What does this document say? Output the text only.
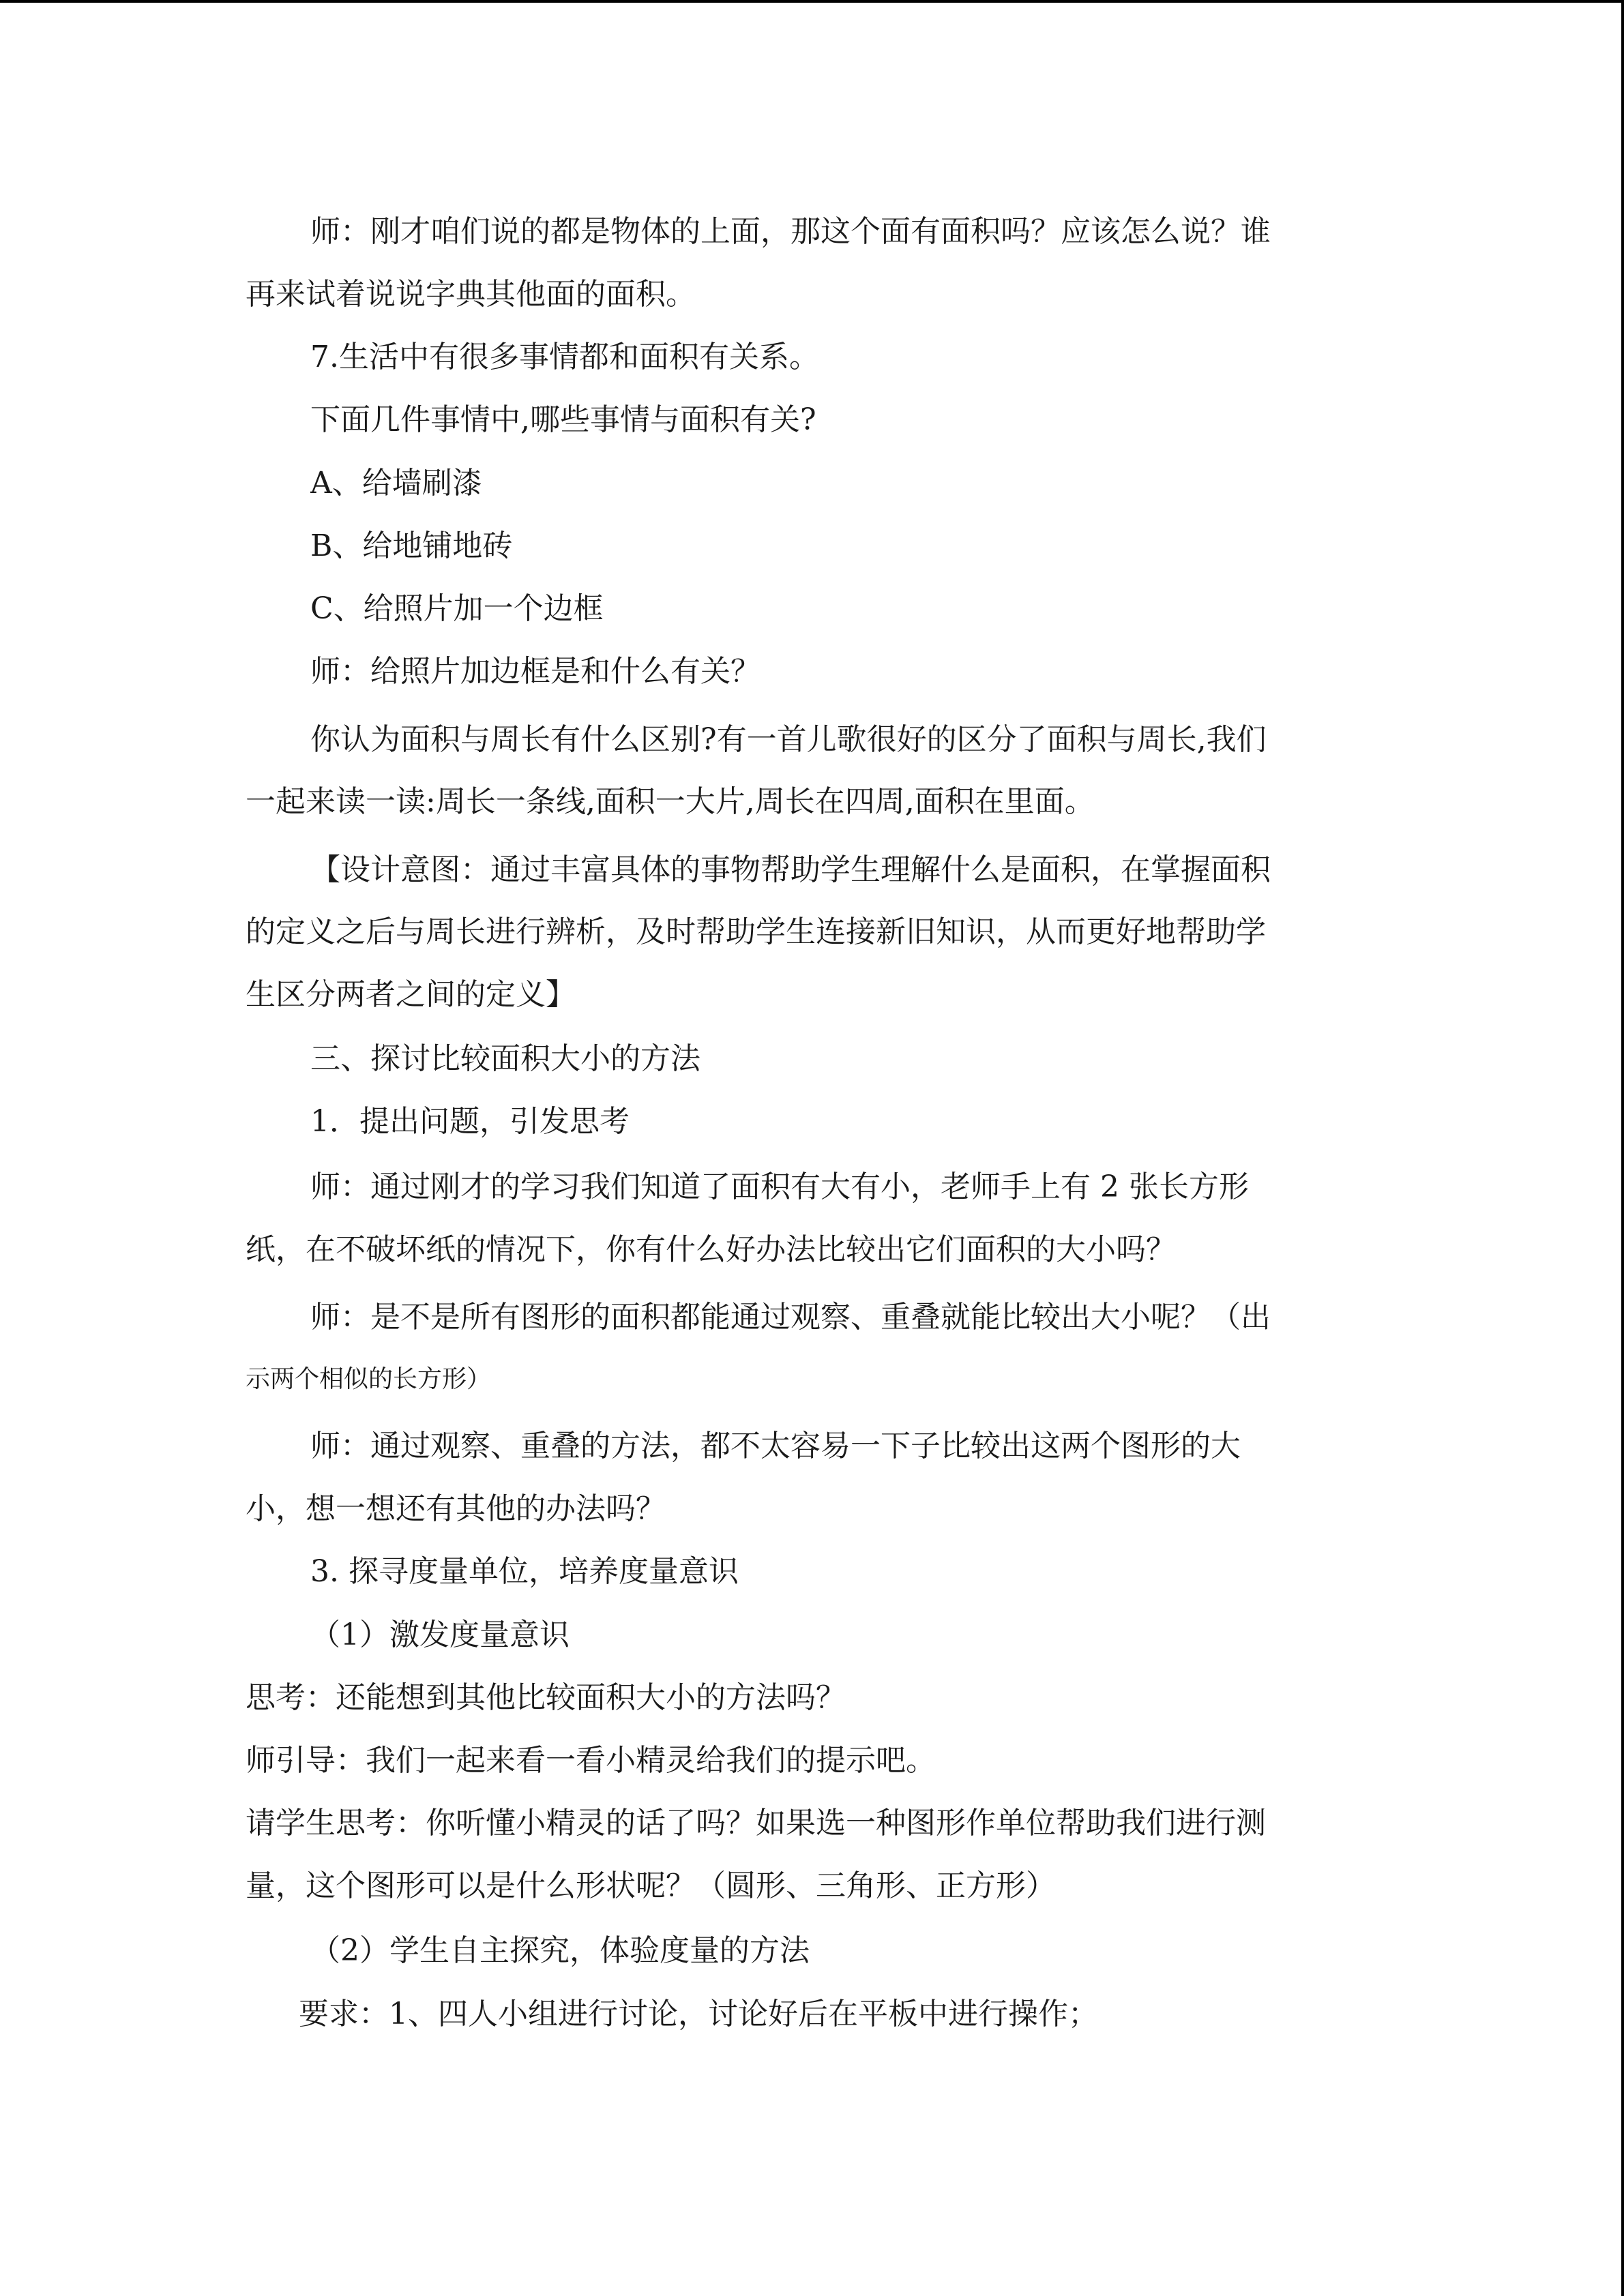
师：刚才咱们说的都是物体的上面，那这个面有面积吗？应该怎么说？谁

再来试着说说字典其他面的面积。

7.生活中有很多事情都和面积有关系。

下面几件事情中,哪些事情与面积有关?

A、给墙刷漆

B、给地铺地砖

C、给照片加一个边框

师：给照片加边框是和什么有关？

你认为面积与周长有什么区别?有一首儿歌很好的区分了面积与周长,我们

一起来读一读:周长一条线,面积一大片,周长在四周,面积在里面。

【设计意图：通过丰富具体的事物帮助学生理解什么是面积，在掌握面积

的定义之后与周长进行辨析，及时帮助学生连接新旧知识，从而更好地帮助学

生区分两者之间的定义】

三、探讨比较面积大小的方法

1．提出问题，引发思考

师：通过刚才的学习我们知道了面积有大有小，老师手上有 2 张长方形

纸，在不破坏纸的情况下，你有什么好办法比较出它们面积的大小吗？

师：是不是所有图形的面积都能通过观察、重叠就能比较出大小呢？（出

示两个相似的长方形）

师：通过观察、重叠的方法，都不太容易一下子比较出这两个图形的大

小，想一想还有其他的办法吗？

3. 探寻度量单位，培养度量意识

（1）激发度量意识

思考：还能想到其他比较面积大小的方法吗？

师引导：我们一起来看一看小精灵给我们的提示吧。

请学生思考：你听懂小精灵的话了吗？如果选一种图形作单位帮助我们进行测

量，这个图形可以是什么形状呢？（圆形、三角形、正方形）

（2）学生自主探究，体验度量的方法

要求：1、四人小组进行讨论，讨论好后在平板中进行操作；
